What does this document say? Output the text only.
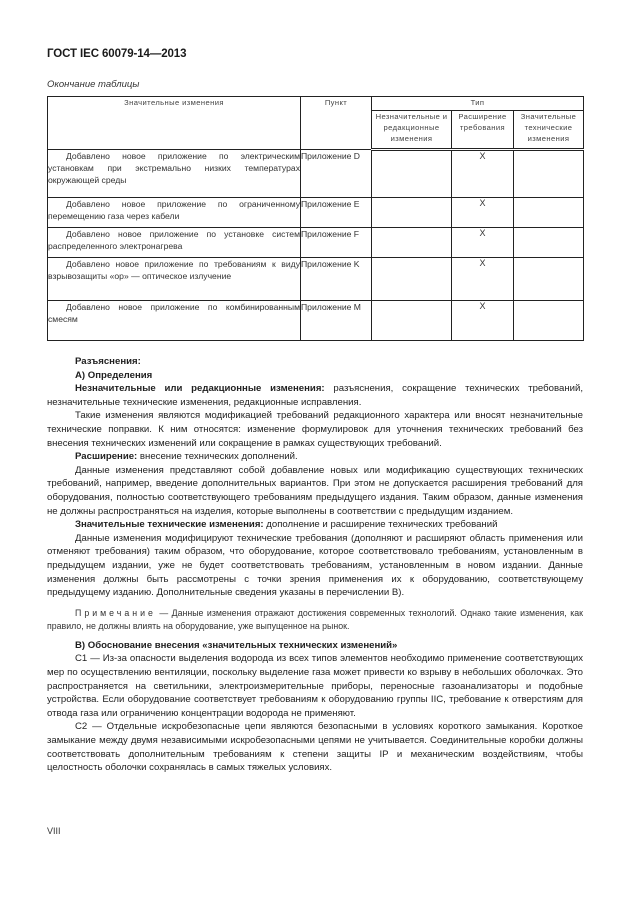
ГОСТ IEC 60079-14—2013
Окончание таблицы
Значительные изменения	Пункт	Тип		
		Незначительные и редакционные изменения	Расширение требования	Значительные технические изменения
Добавлено новое приложение по электрическим установкам при экстремально низких температурах окружающей среды	Приложение D		X	
Добавлено новое приложение по ограниченному перемещению газа через кабели	Приложение E		X	
Добавлено новое приложение по установке систем распределенного электронагрева	Приложение F		X	
Добавлено новое приложение по требованиям к виду взрывозащиты «ор» — оптическое излучение	Приложение K		X	
Добавлено новое приложение по комбинированным смесям	Приложение M		X	

Разъяснения:

А) Определения

Незначительные или редакционные изменения: разъяснения, сокращение технических требований, незначительные технические изменения, редакционные исправления.

Такие изменения являются модификацией требований редакционного характера или вносят незначительные технические поправки. К ним относятся: изменение формулировок для уточнения технических требований без внесения технических изменений или сокращение в рамках существующих требований.

Расширение: внесение технических дополнений.

Данные изменения представляют собой добавление новых или модификацию существующих технических требований, например, введение дополнительных вариантов. При этом не допускается расширения требований для оборудования, полностью соответствующего требованиям предыдущего издания. Таким образом, данные изменения не должны распространяться на изделия, которые выполнены в соответствии с предыдущим изданием.

Значительные технические изменения: дополнение и расширение технических требований

Данные изменения модифицируют технические требования (дополняют и расширяют область применения или отменяют требования) таким образом, что оборудование, которое соответствовало требованиям, установленным в предыдущем издании, уже не будет соответствовать требованиям, установленным в новом издании. Данные изменения должны быть рассмотрены с точки зрения применения их к оборудованию, соответствующему предыдущему изданию. Дополнительные сведения указаны в перечислении В).

Примечание — Данные изменения отражают достижения современных технологий. Однако такие изменения, как правило, не должны влиять на оборудование, уже выпущенное на рынок.

В) Обоснование внесения «значительных технических изменений»

С1 — Из-за опасности выделения водорода из всех типов элементов необходимо применение соответствующих мер по осуществлению вентиляции, поскольку выделение газа может привести ко взрыву в небольших оболочках. Это распространяется на светильники, электроизмерительные приборы, переносные газоанализаторы и подобные устройства. Если оборудование соответствует требованиям к оборудованию группы IIC, требование к отверстиям для отвода газа или ограничению концентрации водорода не применяют.

С2 — Отдельные искробезопасные цепи являются безопасными в условиях короткого замыкания. Короткое замыкание между двумя независимыми искробезопасными цепями не учитывается. Соединительные коробки должны соответствовать дополнительным требованиям к степени защиты IP и механическим воздействиям, чтобы целостность оболочки сохранялась в самых тяжелых условиях.

VIII
